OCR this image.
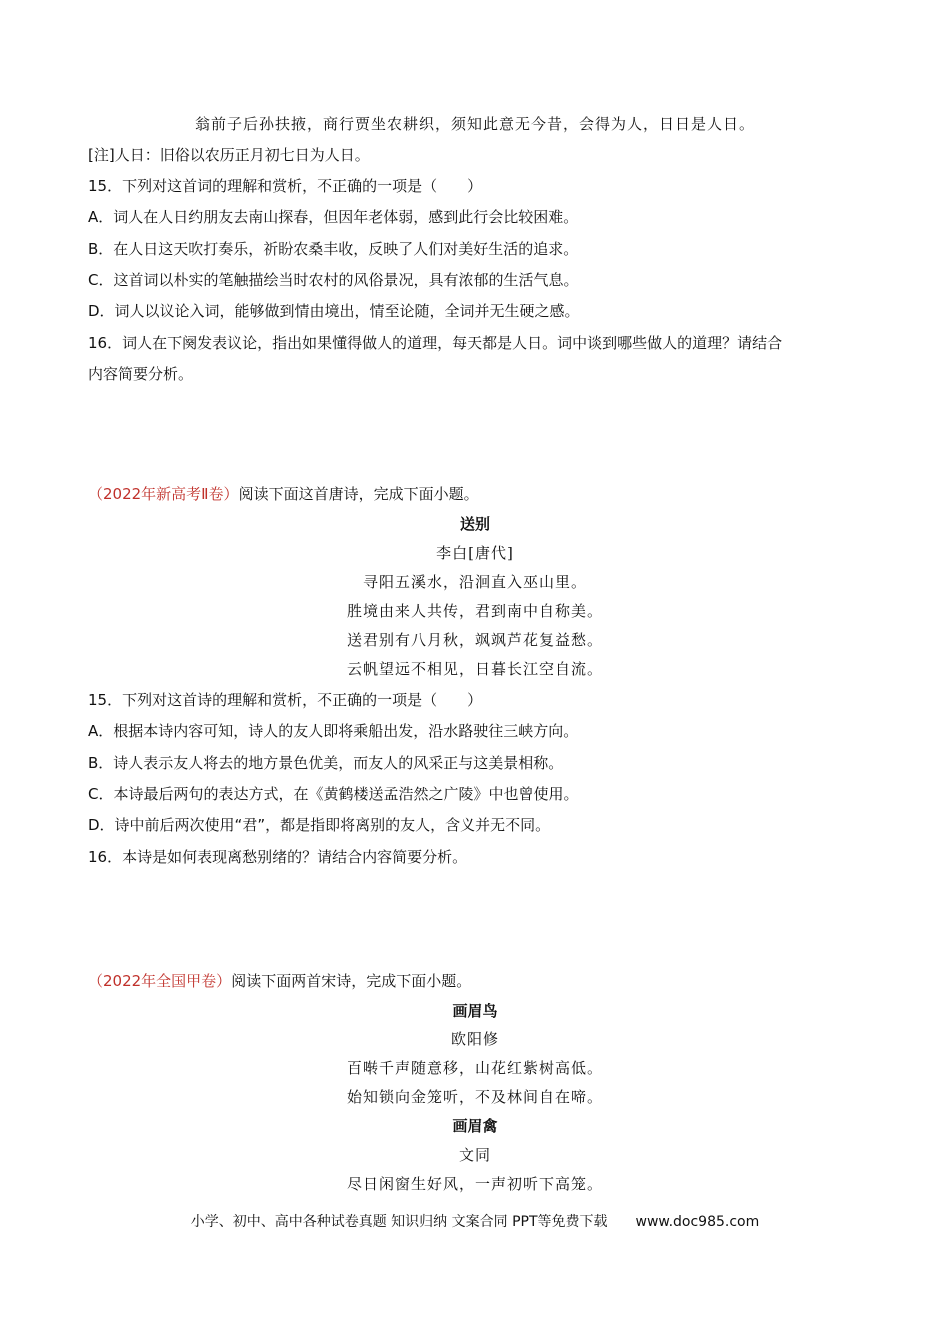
翁前子后孙扶掖，商行贾坐农耕织，须知此意无今昔，会得为人，日日是人日。
[注]人日：旧俗以农历正月初七日为人日。
15．下列对这首词的理解和赏析，不正确的一项是（　　）
A．词人在人日约朋友去南山探春，但因年老体弱，感到此行会比较困难。
B．在人日这天吹打奏乐，祈盼农桑丰收，反映了人们对美好生活的追求。
C．这首词以朴实的笔触描绘当时农村的风俗景况，具有浓郁的生活气息。
D．词人以议论入词，能够做到情由境出，情至论随，全词并无生硬之感。
16．词人在下阕发表议论，指出如果懂得做人的道理，每天都是人日。词中谈到哪些做人的道理？请结合
内容简要分析。
（2022年新高考Ⅱ卷）阅读下面这首唐诗，完成下面小题。
送别
李白[唐代]
寻阳五溪水，沿洄直入巫山里。
胜境由来人共传，君到南中自称美。
送君别有八月秋，飒飒芦花复益愁。
云帆望远不相见，日暮长江空自流。
15．下列对这首诗的理解和赏析，不正确的一项是（　　）
A．根据本诗内容可知，诗人的友人即将乘船出发，沿水路驶往三峡方向。
B．诗人表示友人将去的地方景色优美，而友人的风采正与这美景相称。
C．本诗最后两句的表达方式，在《黄鹤楼送孟浩然之广陵》中也曾使用。
D．诗中前后两次使用“君”，都是指即将离别的友人，含义并无不同。
16．本诗是如何表现离愁别绪的？请结合内容简要分析。
（2022年全国甲卷）阅读下面两首宋诗，完成下面小题。
画眉鸟
欧阳修
百啭千声随意移，山花红紫树高低。
始知锁向金笼听，不及林间自在啼。
画眉禽
文同
尽日闲窗生好风，一声初听下高笼。
小学、初中、高中各种试卷真题 知识归纳 文案合同 PPT等免费下载 www.doc985.com
